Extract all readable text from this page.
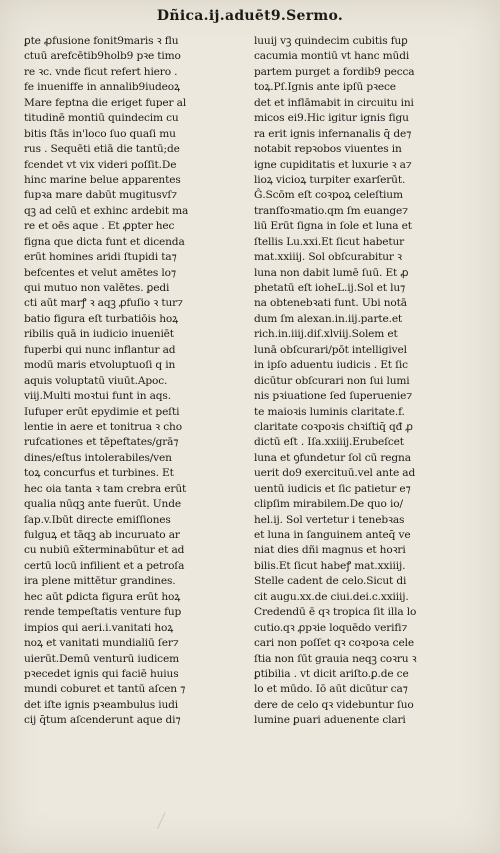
Dñica.ij.aduēt9.Sermo.
ꝑte ꝓfusione fonit9maris ꝛ flu
ctuū arefcētib9holb9 pꝛe timo
re ꝛc. vnde ficut refert hiero .
fe inueniffe in annalib9iudeoꝝ
Mare feptna die eriget fuper al
titudinē montiū quindecim cu
bitis ſtās in'loco ſuo quaſi mu
rus . Sequēti etiā die tantū;de
fcendet vt vix videri poſſit.De
hinc marine belue apparentes
fupꝛa mare dabūt mugitusvſ⁊
qꝫ ad celū et exhinc ardebit ma
re et oēs aque . Et ꝓpter hec
figna que dicta funt et dicenda
erūt homines aridi ſtupidi ta⁊
befcentes et velut amētes lo⁊
qui mutuo non valētes. ꝑedi
cti aūt marꝭ ꝛ aqꝫ ꝓfuſio ꝛ tur⁊
batio figura eſt turbatiōis hoꝝ
ribilis quā in iudicio inueniēt
fuperbi qui nunc inflantur ad
modū maris etvoluptuoſi q in
aquis voluptatū viuūt.Apoc.
viij.Multi moꝛtui funt in aqs.
Iufuper erūt epydimie et peſti
lentie in aere et tonitrua ꝛ cho
rufcationes et tēpeftates/grā⁊
dines/eſtus intolerabiles/ven
toꝝ concurfus et turbines. Et
hec oia tanta ꝛ tam crebra erūt
qualia nūqꝫ ante fuerūt. Unde
ſap.v.Ibūt directe emiſſiones
fulguꝝ et tāqꝫ ab incuruato ar
cu nubiū ex̄terminabūtur et ad
certū locū infilient et a petroſa
ira plene mittētur grandines.
hec aūt ꝑdicta figura erūt hoꝝ
rende tempeſtatis venture fup
impios qui aeri.i.vanitati hoꝝ
noꝝ et vanitati mundialiū ſer⁊
uierūt.Demū venturū iudicem
pꝛecedet ignis qui faciē huius
mundi coburet et tantū aſcen ⁊
det iſte ignis pꝛeambulus iudi
cij q̄tum aſcenderunt aque di⁊
luuij vꝫ quindecim cubitis fuꝑ
cacumia montiū vt hanc mūdi
partem purget a fordib9 pecca
toꝝ.Pſ.Ignis ante ipſū pꝛece
det et inflāmabit in circuitu ini
micos ei9.Hic igitur ignis figu
ra erit ignis infernanalis q̄ de⁊
notabit repꝛobos viuentes in
igne cupiditatis et luxurie ꝛ a⁊
lioꝝ vicioꝝ turpiter exarſerūt.
Ĝ.Scōm eſt coꝛpoꝝ celeſtium
tranſfoꝛmatio.qm ſm euange⁊
liū Erūt ſigna in ſole et luna et
ſtellis Lu.xxi.Et ſicut habetur
mat.xxiiij. Sol obſcurabitur ꝛ
luna non dabit lumē ſuū. Et ꝓ
phetatū eſt ioheL.ij.Sol et lu⁊
na obtenebꝛati funt. Ubi notā
dum ſm alexan.in.iij.parte.et
rich.in.iiij.diſ.xlviij.Solem et
lunā obſcurari/pōt intelligivel
in ipſo aduentu iudicis . Et ſic
dicūtur obſcurari non ſui lumi
nis pꝛiuatione ſed ſuperuenie⁊
te maioꝛis luminis claritate.f.
claritate coꝛpoꝛis chꝛiſtiq̄ qđ ꝓ
dictū eſt . Iſa.xxiiij.Erubeſcet
luna et ꝯfundetur ſol cū regna
uerit do9 exercituū.vel ante ad
uentū iudicis et ſic patietur e⁊
clipſim mirabilem.De quo io/
hel.ij. Sol vertetur i tenebꝛas
et luna in ſanguinem anteq̄ ve
niat dies dñi magnus et hoꝛri
bilis.Et ſicut habeꝭ mat.xxiiij.
Stelle cadent de celo.Sicut di
cit augu.xx.de ciui.dei.c.xxiiij.
Credendū ē qꝛ tropica ſit illa lo
cutio.qꝛ ꝓpꝛie loquēdo verifi⁊
cari non poſſet qꝛ coꝛpoꝛa cele
ſtia non ſūt grauia neqꝫ coꝛru ꝛ
ꝑtibilia . vt dicit ariſto.ꝑ.de ce
lo et mūdo. Iō aūt dicūtur ca⁊
dere de celo qꝛ videbuntur ſuo
lumine ꝑuari aduenente clari
